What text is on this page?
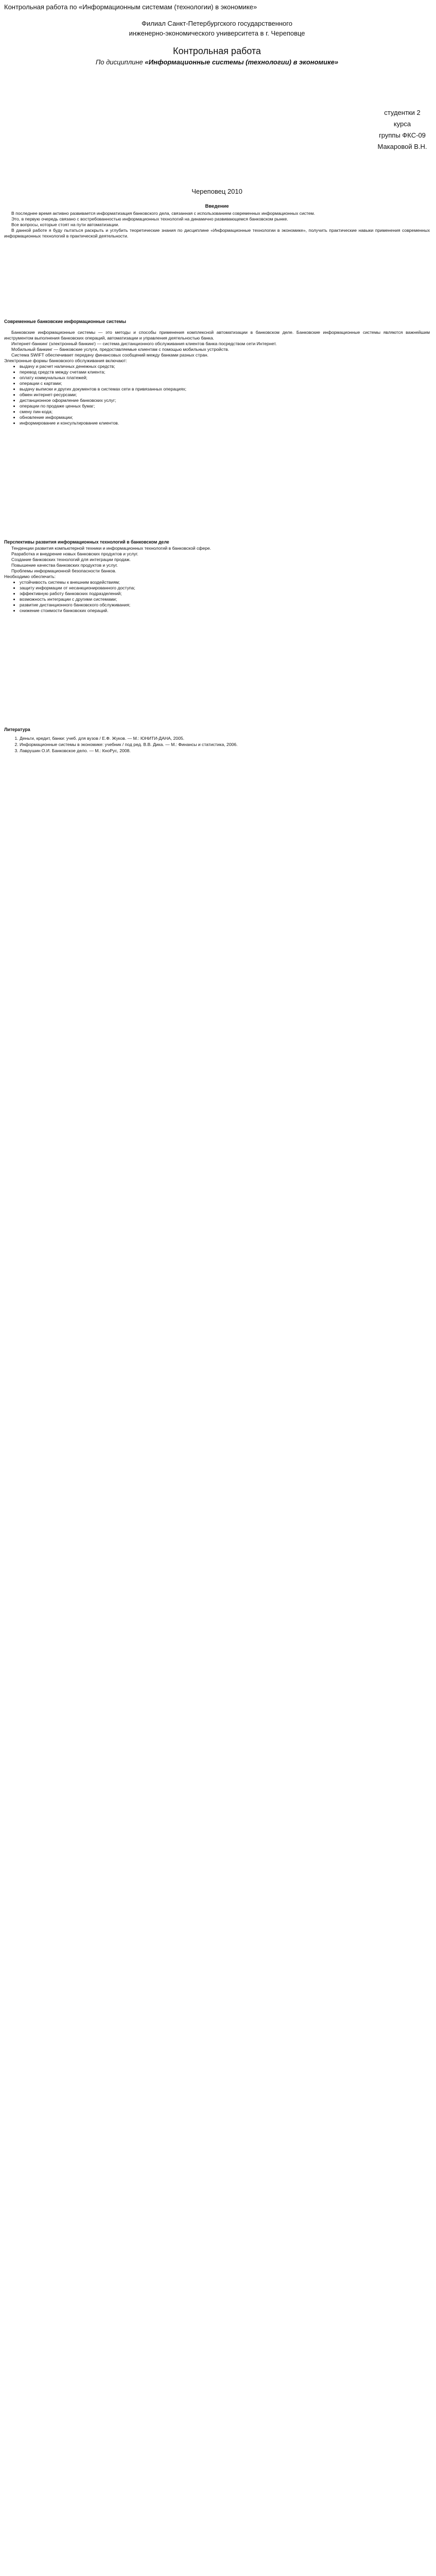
Контрольная работа по «Информационным системам (технологии) в экономике»
Филиал Санкт-Петербургского государственного
инженерно-экономического университета в г. Череповце
Контрольная работа
По дисциплине «Информационные системы (технологии) в экономике»
студентки 2 курса
группы ФКС-09
Макаровой В.Н.
Череповец 2010
Введение

В последнее время активно развивается информатизация банковского дела, связанная с использованием современных информационных систем.

Это, в первую очередь связано с востребованностью информационных технологий на динамично развивающемся банковском рынке.

Все вопросы, которые стоят на пути автоматизации.

В данной работе я буду пытаться раскрыть и углубить теоретические знания по дисциплине «Информационные технологии в экономике», получить практические навыки применения современных информационных технологий в практической деятельности.

Современные банковские информационные системы

Банковские информационные системы — это методы и способы применения комплексной автоматизации в банковском деле. Банковские информационные системы являются важнейшим инструментом выполнения банковских операций, автоматизации и управления деятельностью банка.

Интернет-банкинг (электронный банкинг) — система дистанционного обслуживания клиентов банка посредством сети Интернет.

Мобильный банкинг — банковские услуги, предоставляемые клиентам с помощью мобильных устройств.

Система SWIFT обеспечивает передачу финансовых сообщений между банками разных стран.

Электронные формы банковского обслуживания включают:

• выдачу и расчет наличных денежных средств;
• перевод средств между счетами клиента;
• оплату коммунальных платежей;
• операции с картами;
• выдачу выписки и других документов в системах сети в привязанных операциях;
• обмен интернет-ресурсами;
• дистанционное оформление банковских услуг;
• операции по продаже ценных бумаг;
• смену пин-кода;
• обновление информации;
• информирование и консультирование клиентов.
Перспективы развития информационных технологий в банковском деле

Тенденции развития компьютерной техники и информационных технологий в банковской сфере.

Разработка и внедрение новых банковских продуктов и услуг.

Создание банковских технологий для интеграции продаж.

Повышение качества банковских продуктов и услуг.

Проблемы информационной безопасности банков.

Необходимо обеспечить:

• устойчивость системы к внешним воздействиям;
• защиту информации от несанкционированного доступа;
• эффективную работу банковских подразделений;
• возможность интеграции с другими системами;
• развитие дистанционного банковского обслуживания;
• снижение стоимости банковских операций.
Литература
1. Деньги, кредит, банки: учеб. для вузов / Е.Ф. Жуков. — М.: ЮНИТИ-ДАНА, 2005.
2. Информационные системы в экономике: учебник / под ред. В.В. Дика. — М.: Финансы и статистика, 2006.
3. Лаврушин О.И. Банковское дело. — М.: КноРус, 2008.
